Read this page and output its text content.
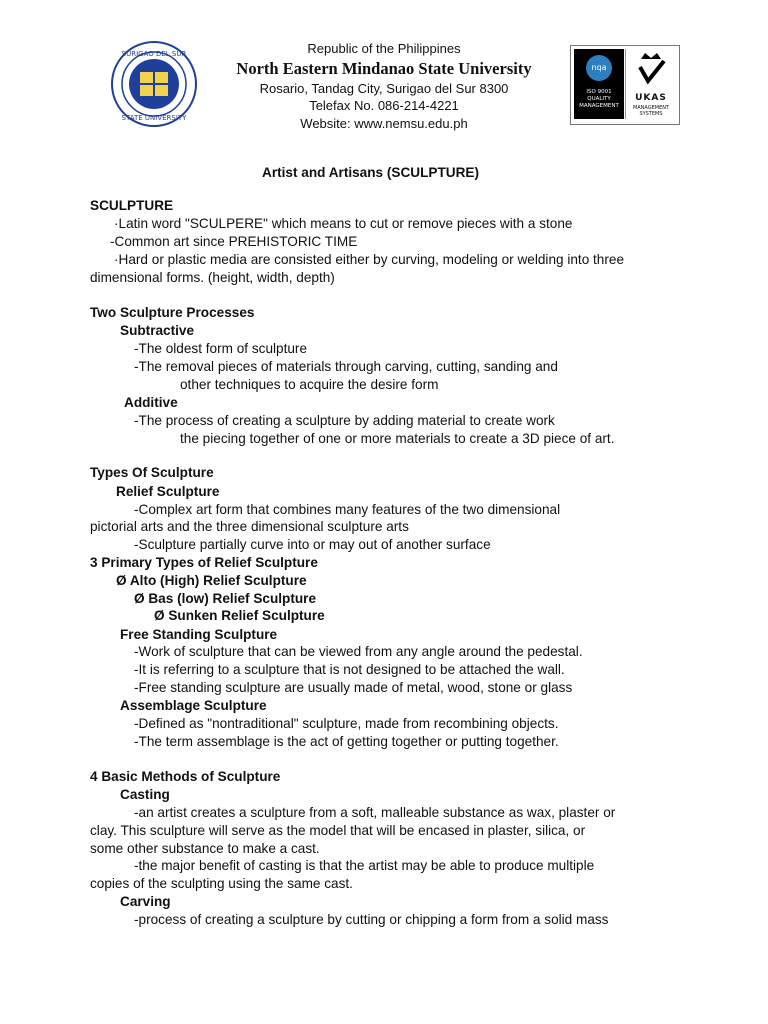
SURIGAO DEL SUR
STATE UNIVERSITY
Republic of the Philippines
North Eastern Mindanao State University
Rosario, Tandag City, Surigao del Sur 8300
Telefax No. 086-214-4221
Website: www.nemsu.edu.ph
nqa
ISO 9001
QUALITY MANAGEMENT
UKAS
MANAGEMENT SYSTEMS
Artist and Artisans (SCULPTURE)
SCULPTURE
·Latin word "SCULPERE" which means to cut or remove pieces with a stone
-Common art since PREHISTORIC TIME
·Hard or plastic media are consisted either by curving, modeling or welding into three
dimensional forms. (height, width, depth)
Two Sculpture Processes
Subtractive
-The oldest form of sculpture
-The removal pieces of materials through carving, cutting, sanding and
other techniques to acquire the desire form
Additive
-The process of creating a sculpture by adding material to create work
the piecing together of one or more materials to create a 3D piece of art.
Types Of Sculpture
Relief Sculpture
-Complex art form that combines many features of the two dimensional
pictorial arts and the three dimensional sculpture arts
-Sculpture partially curve into or may out of another surface
3 Primary Types of Relief Sculpture
Ø Alto (High) Relief Sculpture
Ø Bas (low) Relief Sculpture
Ø Sunken Relief Sculpture
Free Standing Sculpture
-Work of sculpture that can be viewed from any angle around the pedestal.
-It is referring to a sculpture that is not designed to be attached the wall.
-Free standing sculpture are usually made of metal, wood, stone or glass
Assemblage Sculpture
-Defined as "nontraditional" sculpture, made from recombining objects.
-The term assemblage is the act of getting together or putting together.
4 Basic Methods of Sculpture
Casting
-an artist creates a sculpture from a soft, malleable substance as wax, plaster or
clay. This sculpture will serve as the model that will be encased in plaster, silica, or
some other substance to make a cast.
-the major benefit of casting is that the artist may be able to produce multiple
copies of the sculpting using the same cast.
Carving
-process of creating a sculpture by cutting or chipping a form from a solid mass
